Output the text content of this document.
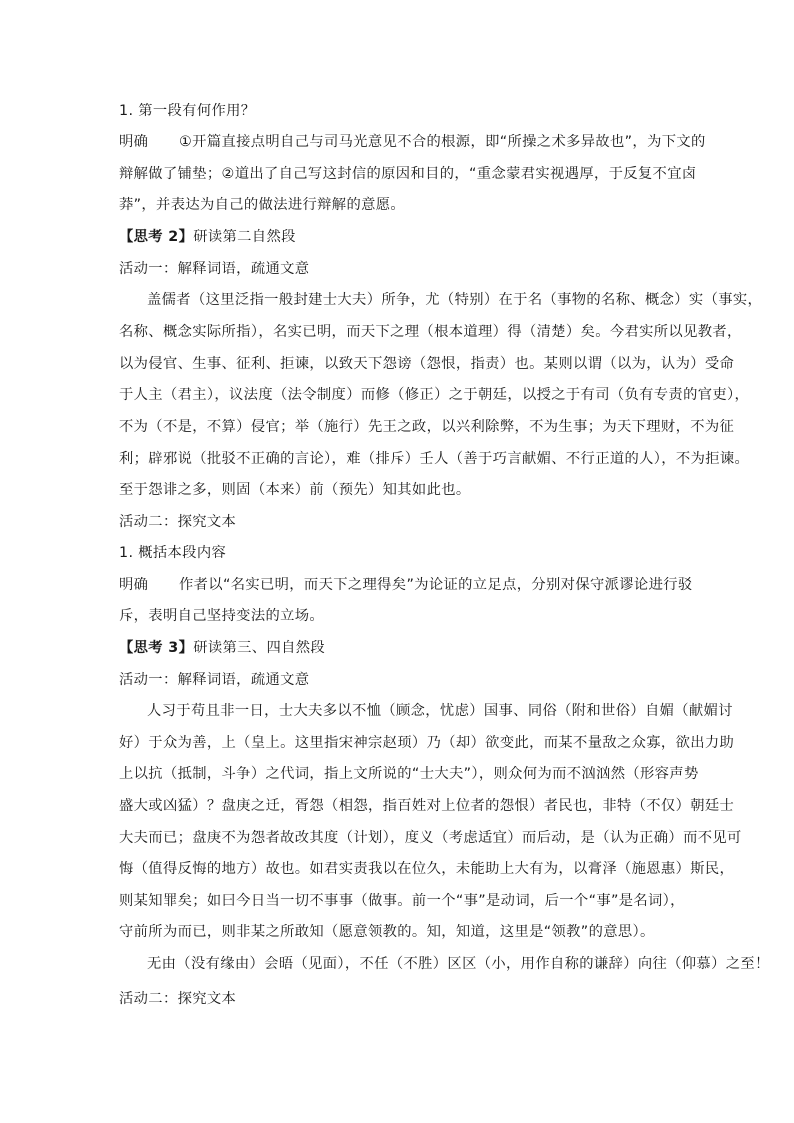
1. 第一段有何作用？
明确 ①开篇直接点明自己与司马光意见不合的根源，即“所操之术多异故也”，为下文的
辩解做了铺垫；②道出了自己写这封信的原因和目的，“重念蒙君实视遇厚，于反复不宜卤
莽”，并表达为自己的做法进行辩解的意愿。
【思考 2】研读第二自然段
活动一：解释词语，疏通文意
盖儒者（这里泛指一般封建士大夫）所争，尤（特别）在于名（事物的名称、概念）实（事实，
名称、概念实际所指），名实已明，而天下之理（根本道理）得（清楚）矣。今君实所以见教者，
以为侵官、生事、征利、拒谏，以致天下怨谤（怨恨，指责）也。某则以谓（以为，认为）受命
于人主（君主），议法度（法令制度）而修（修正）之于朝廷，以授之于有司（负有专责的官吏），
不为（不是，不算）侵官；举（施行）先王之政，以兴利除弊，不为生事；为天下理财，不为征
利；辟邪说（批驳不正确的言论），难（排斥）壬人（善于巧言献媚、不行正道的人），不为拒谏。
至于怨诽之多，则固（本来）前（预先）知其如此也。
活动二：探究文本
1. 概括本段内容
明确 作者以“名实已明，而天下之理得矣”为论证的立足点，分别对保守派谬论进行驳
斥，表明自己坚持变法的立场。
【思考 3】研读第三、四自然段
活动一：解释词语，疏通文意
人习于苟且非一日，士大夫多以不恤（顾念，忧虑）国事、同俗（附和世俗）自媚（献媚讨
好）于众为善，上（皇上。这里指宋神宗赵顼）乃（却）欲变此，而某不量敌之众寡，欲出力助
上以抗（抵制，斗争）之代词，指上文所说的“士大夫”），则众何为而不汹汹然（形容声势
盛大或凶猛）？盘庚之迁，胥怨（相怨，指百姓对上位者的怨恨）者民也，非特（不仅）朝廷士
大夫而已；盘庚不为怨者故改其度（计划），度义（考虑适宜）而后动，是（认为正确）而不见可
悔（值得反悔的地方）故也。如君实责我以在位久，未能助上大有为，以膏泽（施恩惠）斯民，
则某知罪矣；如曰今日当一切不事事（做事。前一个“事”是动词，后一个“事”是名词），
守前所为而已，则非某之所敢知（愿意领教的。知，知道，这里是“领教”的意思）。
无由（没有缘由）会晤（见面），不任（不胜）区区（小，用作自称的谦辞）向往（仰慕）之至！
活动二：探究文本
